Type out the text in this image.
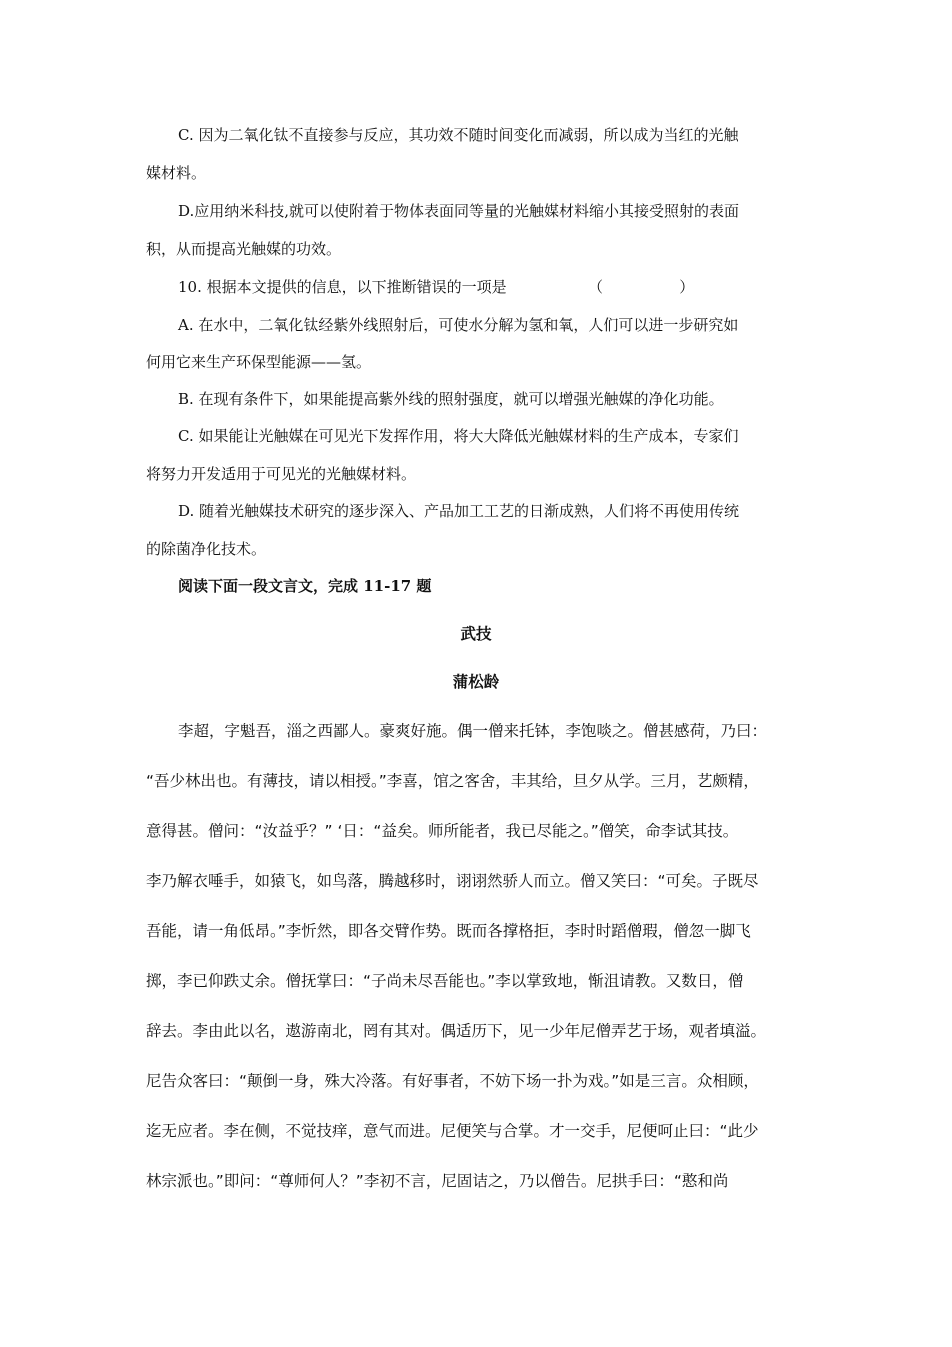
C. 因为二氧化钛不直接参与反应，其功效不随时间变化而减弱，所以成为当红的光触
媒材料。
D.应用纳米科技,就可以使附着于物体表面同等量的光触媒材料缩小其接受照射的表面
积，从而提高光触媒的功效。
10. 根据本文提供的信息，以下推断错误的一项是	（                ）
A. 在水中，二氧化钛经紫外线照射后，可使水分解为氢和氧，人们可以进一步研究如
何用它来生产环保型能源——氢。
B. 在现有条件下，如果能提高紫外线的照射强度，就可以增强光触媒的净化功能。
C. 如果能让光触媒在可见光下发挥作用，将大大降低光触媒材料的生产成本，专家们
将努力开发适用于可见光的光触媒材料。
D. 随着光触媒技术研究的逐步深入、产品加工工艺的日渐成熟，人们将不再使用传统
的除菌净化技术。
阅读下面一段文言文，完成 11-17 题
武技
蒲松龄
李超，字魁吾，淄之西鄙人。豪爽好施。偶一僧来托钵，李饱啖之。僧甚感荷，乃曰：
“吾少林出也。有薄技，请以相授。”李喜，馆之客舍，丰其给，旦夕从学。三月，艺颇精，
意得甚。僧问：“汝益乎？” ‘日：“益矣。师所能者，我已尽能之。”僧笑，命李试其技。
李乃解衣唾手，如猿飞，如鸟落，腾越移时，诩诩然骄人而立。僧又笑曰：“可矣。子既尽
吾能，请一角低昂。”李忻然，即各交臂作势。既而各撑格拒，李时时蹈僧瑕，僧忽一脚飞
掷，李已仰跌丈余。僧抚掌曰：“子尚未尽吾能也。”李以掌致地，惭沮请教。又数日，僧
辞去。李由此以名，遨游南北，罔有其对。偶适历下，见一少年尼僧弄艺于场，观者填溢。
尼告众客曰：“颠倒一身，殊大冷落。有好事者，不妨下场一扑为戏。”如是三言。众相顾，
迄无应者。李在侧，不觉技痒，意气而进。尼便笑与合掌。才一交手，尼便呵止曰：“此少
林宗派也。”即问：“尊师何人？”李初不言，尼固诘之，乃以僧告。尼拱手曰：“憨和尚
